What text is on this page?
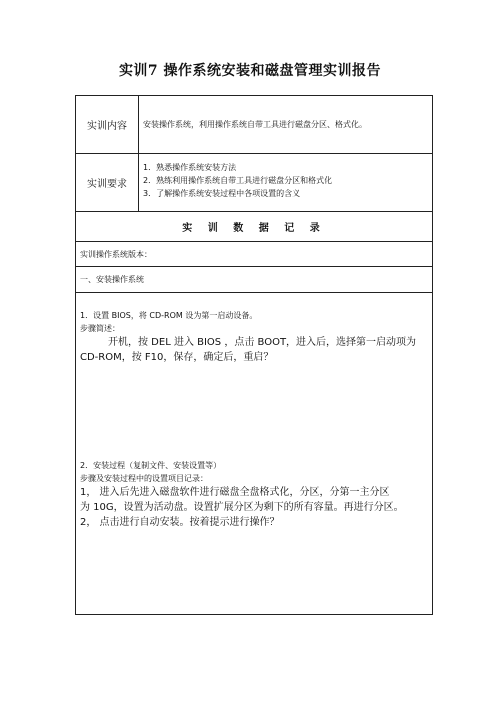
实训7 操作系统安装和磁盘管理实训报告
实训内容	安装操作系统，利用操作系统自带工具进行磁盘分区、格式化。
实训要求
1．熟悉操作系统安装方法
2．熟练利用操作系统自带工具进行磁盘分区和格式化
3．了解操作系统安装过程中各项设置的含义
实 训 数 据 记 录
实训操作系统版本：
一、安装操作系统
1．设置 BIOS，将 CD-ROM 设为第一启动设备。
步骤简述：
开机，按 DEL 进入 BIOS ，点击 BOOT，进入后，选择第一启动项为
CD-ROM，按 F10，保存，确定后，重启？
2．安装过程（复制文件、安装设置等）
步骤及安装过程中的设置项目记录：
1， 进入后先进入磁盘软件进行磁盘全盘格式化，分区，分第一主分区
为 10G，设置为活动盘。设置扩展分区为剩下的所有容量。再进行分区。
2， 点击进行自动安装。按着提示进行操作？
